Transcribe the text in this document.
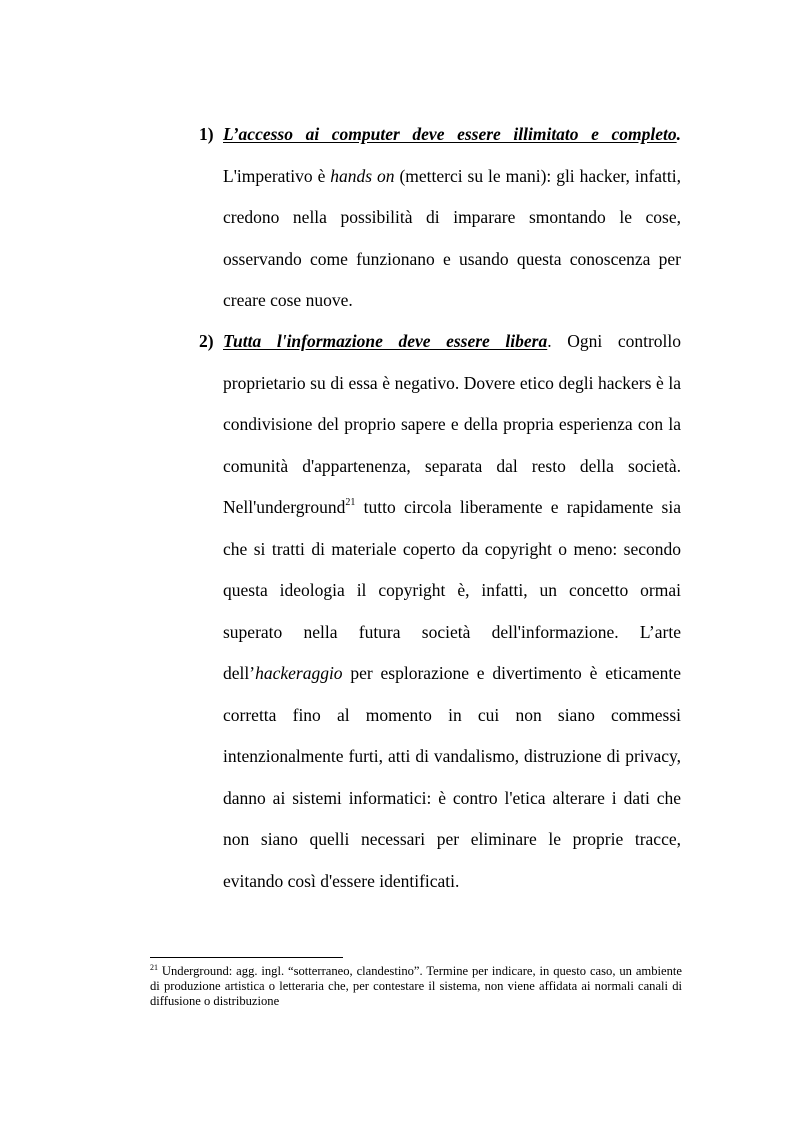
1) L’accesso ai computer deve essere illimitato e completo.
L'imperativo è hands on (metterci su le mani): gli hacker, infatti, credono nella possibilità di imparare smontando le cose, osservando come funzionano e usando questa conoscenza per creare cose nuove.
2) Tutta l'informazione deve essere libera. Ogni controllo proprietario su di essa è negativo. Dovere etico degli hackers è la condivisione del proprio sapere e della propria esperienza con la comunità d'appartenenza, separata dal resto della società. Nell'underground$^{21}$ tutto circola liberamente e rapidamente sia che si tratti di materiale coperto da copyright o meno: secondo questa ideologia il copyright è, infatti, un concetto ormai superato nella futura società dell'informazione. L’arte dell’hackeraggio per esplorazione e divertimento è eticamente corretta fino al momento in cui non siano commessi intenzionalmente furti, atti di vandalismo, distruzione di privacy, danno ai sistemi informatici: è contro l'etica alterare i dati che non siano quelli necessari per eliminare le proprie tracce, evitando così d'essere identificati.
$^{21}$ Underground: agg. ingl. “sotterraneo, clandestino”. Termine per indicare, in questo caso, un ambiente di produzione artistica o letteraria che, per contestare il sistema, non viene affidata ai normali canali di diffusione o distribuzione
